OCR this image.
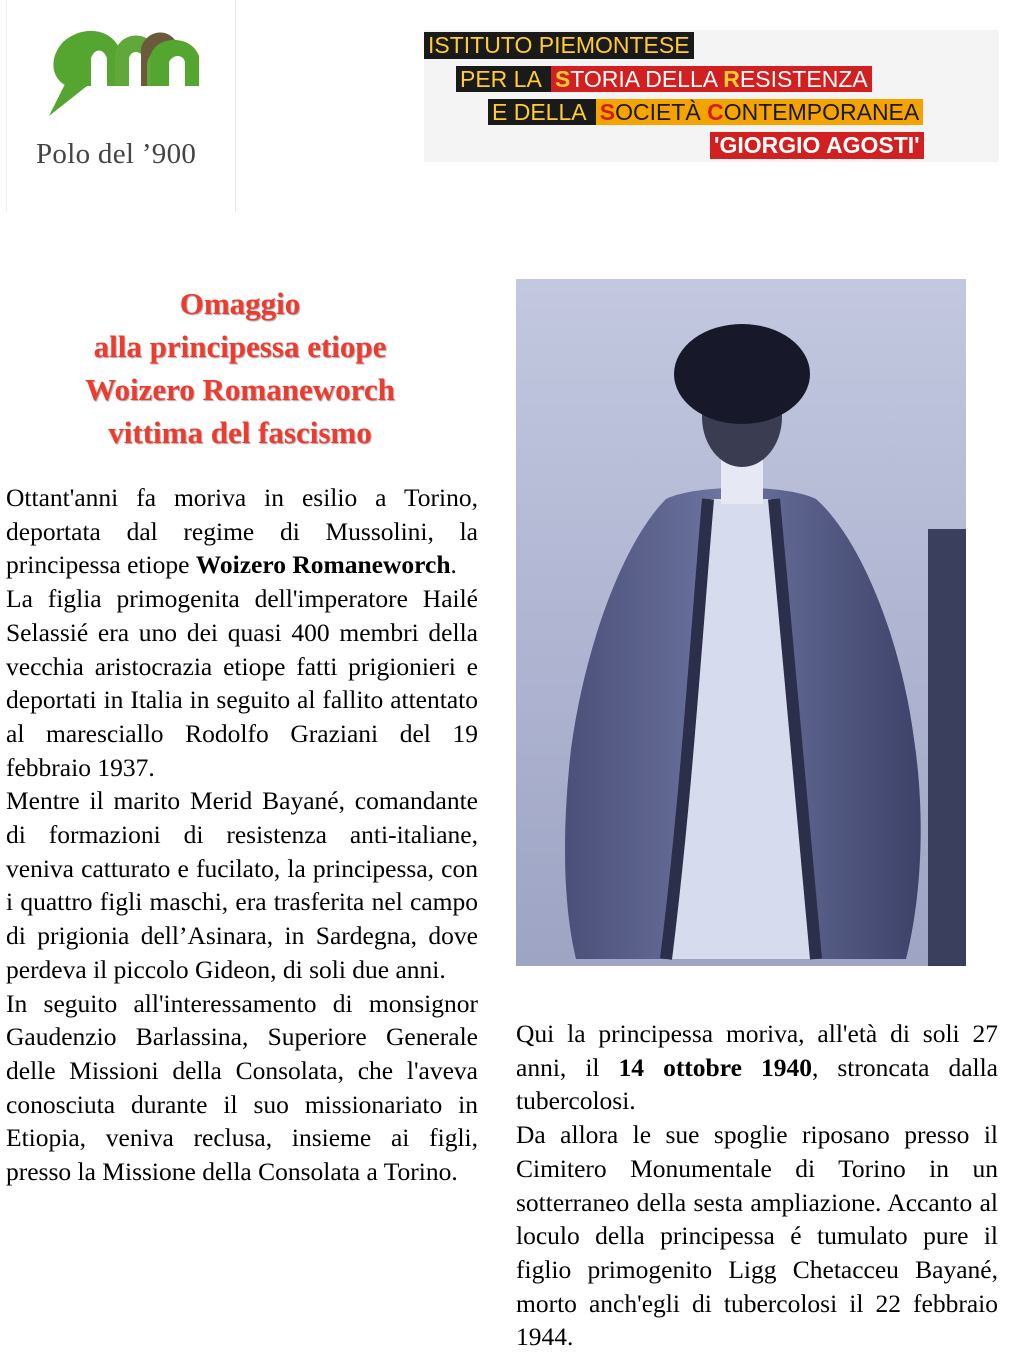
Polo del ’900
ISTITUTO PIEMONTESE
PER LA STORIA DELLA RESISTENZA
E DELLA SOCIETÀ CONTEMPORANEA
'GIORGIO AGOSTI'
Omaggio
alla principessa etiope
Woizero Romaneworch
vittima del fascismo

Ottant'anni fa moriva in esilio a Torino, deportata dal regime di Mussolini, la principessa etiope Woizero Romaneworch.

La figlia primogenita dell'imperatore Hailé Selassié era uno dei quasi 400 membri della vecchia aristocrazia etiope fatti prigionieri e deportati in Italia in seguito al fallito attentato al maresciallo Rodolfo Graziani del 19 febbraio 1937.

Mentre il marito Merid Bayané, comandante di formazioni di resistenza anti-italiane, veniva catturato e fucilato, la principessa, con i quattro figli maschi, era trasferita nel campo di prigionia dell’Asinara, in Sardegna, dove perdeva il piccolo Gideon, di soli due anni.

In seguito all'interessamento di monsignor Gaudenzio Barlassina, Superiore Generale delle Missioni della Consolata, che l'aveva conosciuta durante il suo missionariato in Etiopia, veniva reclusa, insieme ai figli, presso la Missione della Consolata a Torino.

Qui la principessa moriva, all'età di soli 27 anni, il 14 ottobre 1940, stroncata dalla tubercolosi.

Da allora le sue spoglie riposano presso il Cimitero Monumentale di Torino in un sotterraneo della sesta ampliazione. Accanto al loculo della principessa é tumulato pure il figlio primogenito Ligg Chetacceu Bayané, morto anch'egli di tubercolosi il 22 febbraio 1944.
